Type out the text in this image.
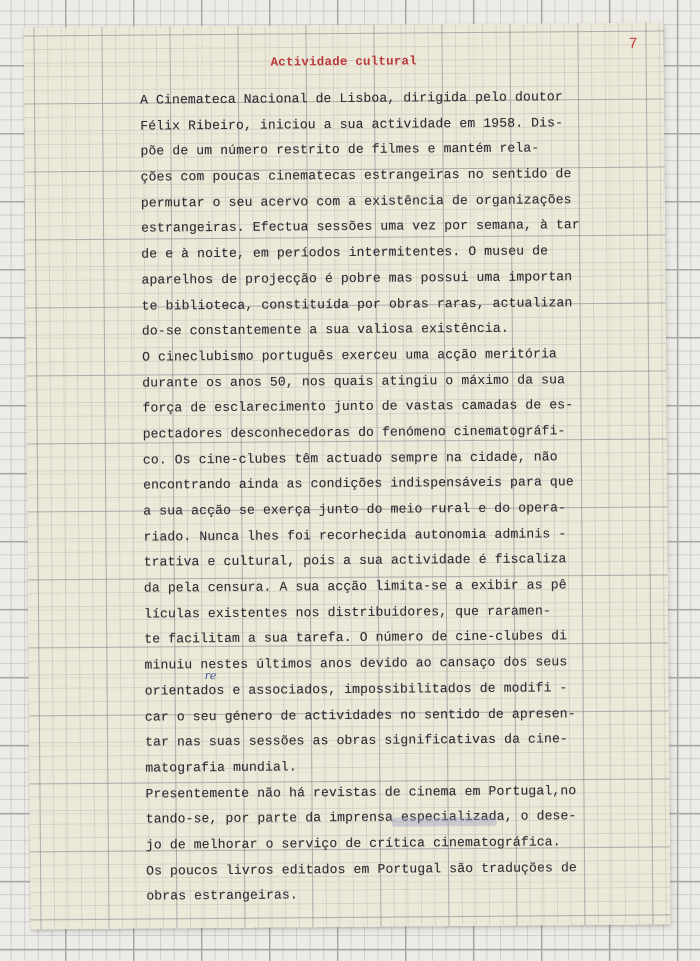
7
Actividade cultural
A Cinemateca Nacional de Lisboa, dirigida pelo doutor
Félix Ribeiro, iniciou a sua actividade em 1958. Dis-
põe de um número restrito de filmes e mantém rela-
ções com poucas cinematecas estrangeiras no sentido de
permutar o seu acervo com a existência de organizações
estrangeiras. Efectua sessões uma vez por semana, à tar
de e à noite, em períodos intermitentes. O museu de
aparelhos de projecção é pobre mas possui uma importan
te biblioteca, constituída por obras raras, actualizan
do-se constantemente a sua valiosa existência.
O cineclubismo português exerceu uma acção meritória
durante os anos 50, nos quais atingiu o máximo da sua
força de esclarecimento junto de vastas camadas de es-
pectadores desconhecedoras do fenómeno cinematográfi-
co. Os cine-clubes têm actuado sempre na cidade, não
encontrando ainda as condições indispensáveis para que
a sua acção se exerça junto do meio rural e do opera-
riado. Nunca lhes foi recorhecida autonomia adminis -
trativa e cultural, pois a sua actividade é fiscaliza
da pela censura. A sua acção limita-se a exibir as pê
lículas existentes nos distribuidores, que raramen-
te facilitam a sua tarefa. O número de cine-clubes di
minuiu nestes últimos anos devido ao cansaço dos seus
orientados e associados, impossibilitados de modifi -
car o seu género de actividades no sentido de apresen-
tar nas suas sessões as obras significativas da cine-
matografia mundial.
Presentemente não há revistas de cinema em Portugal,no
tando-se, por parte da imprensa especializada, o dese-
jo de melhorar o serviço de crítica cinematográfica.
Os poucos livros editados em Portugal são traduções de
obras estrangeiras.
re
